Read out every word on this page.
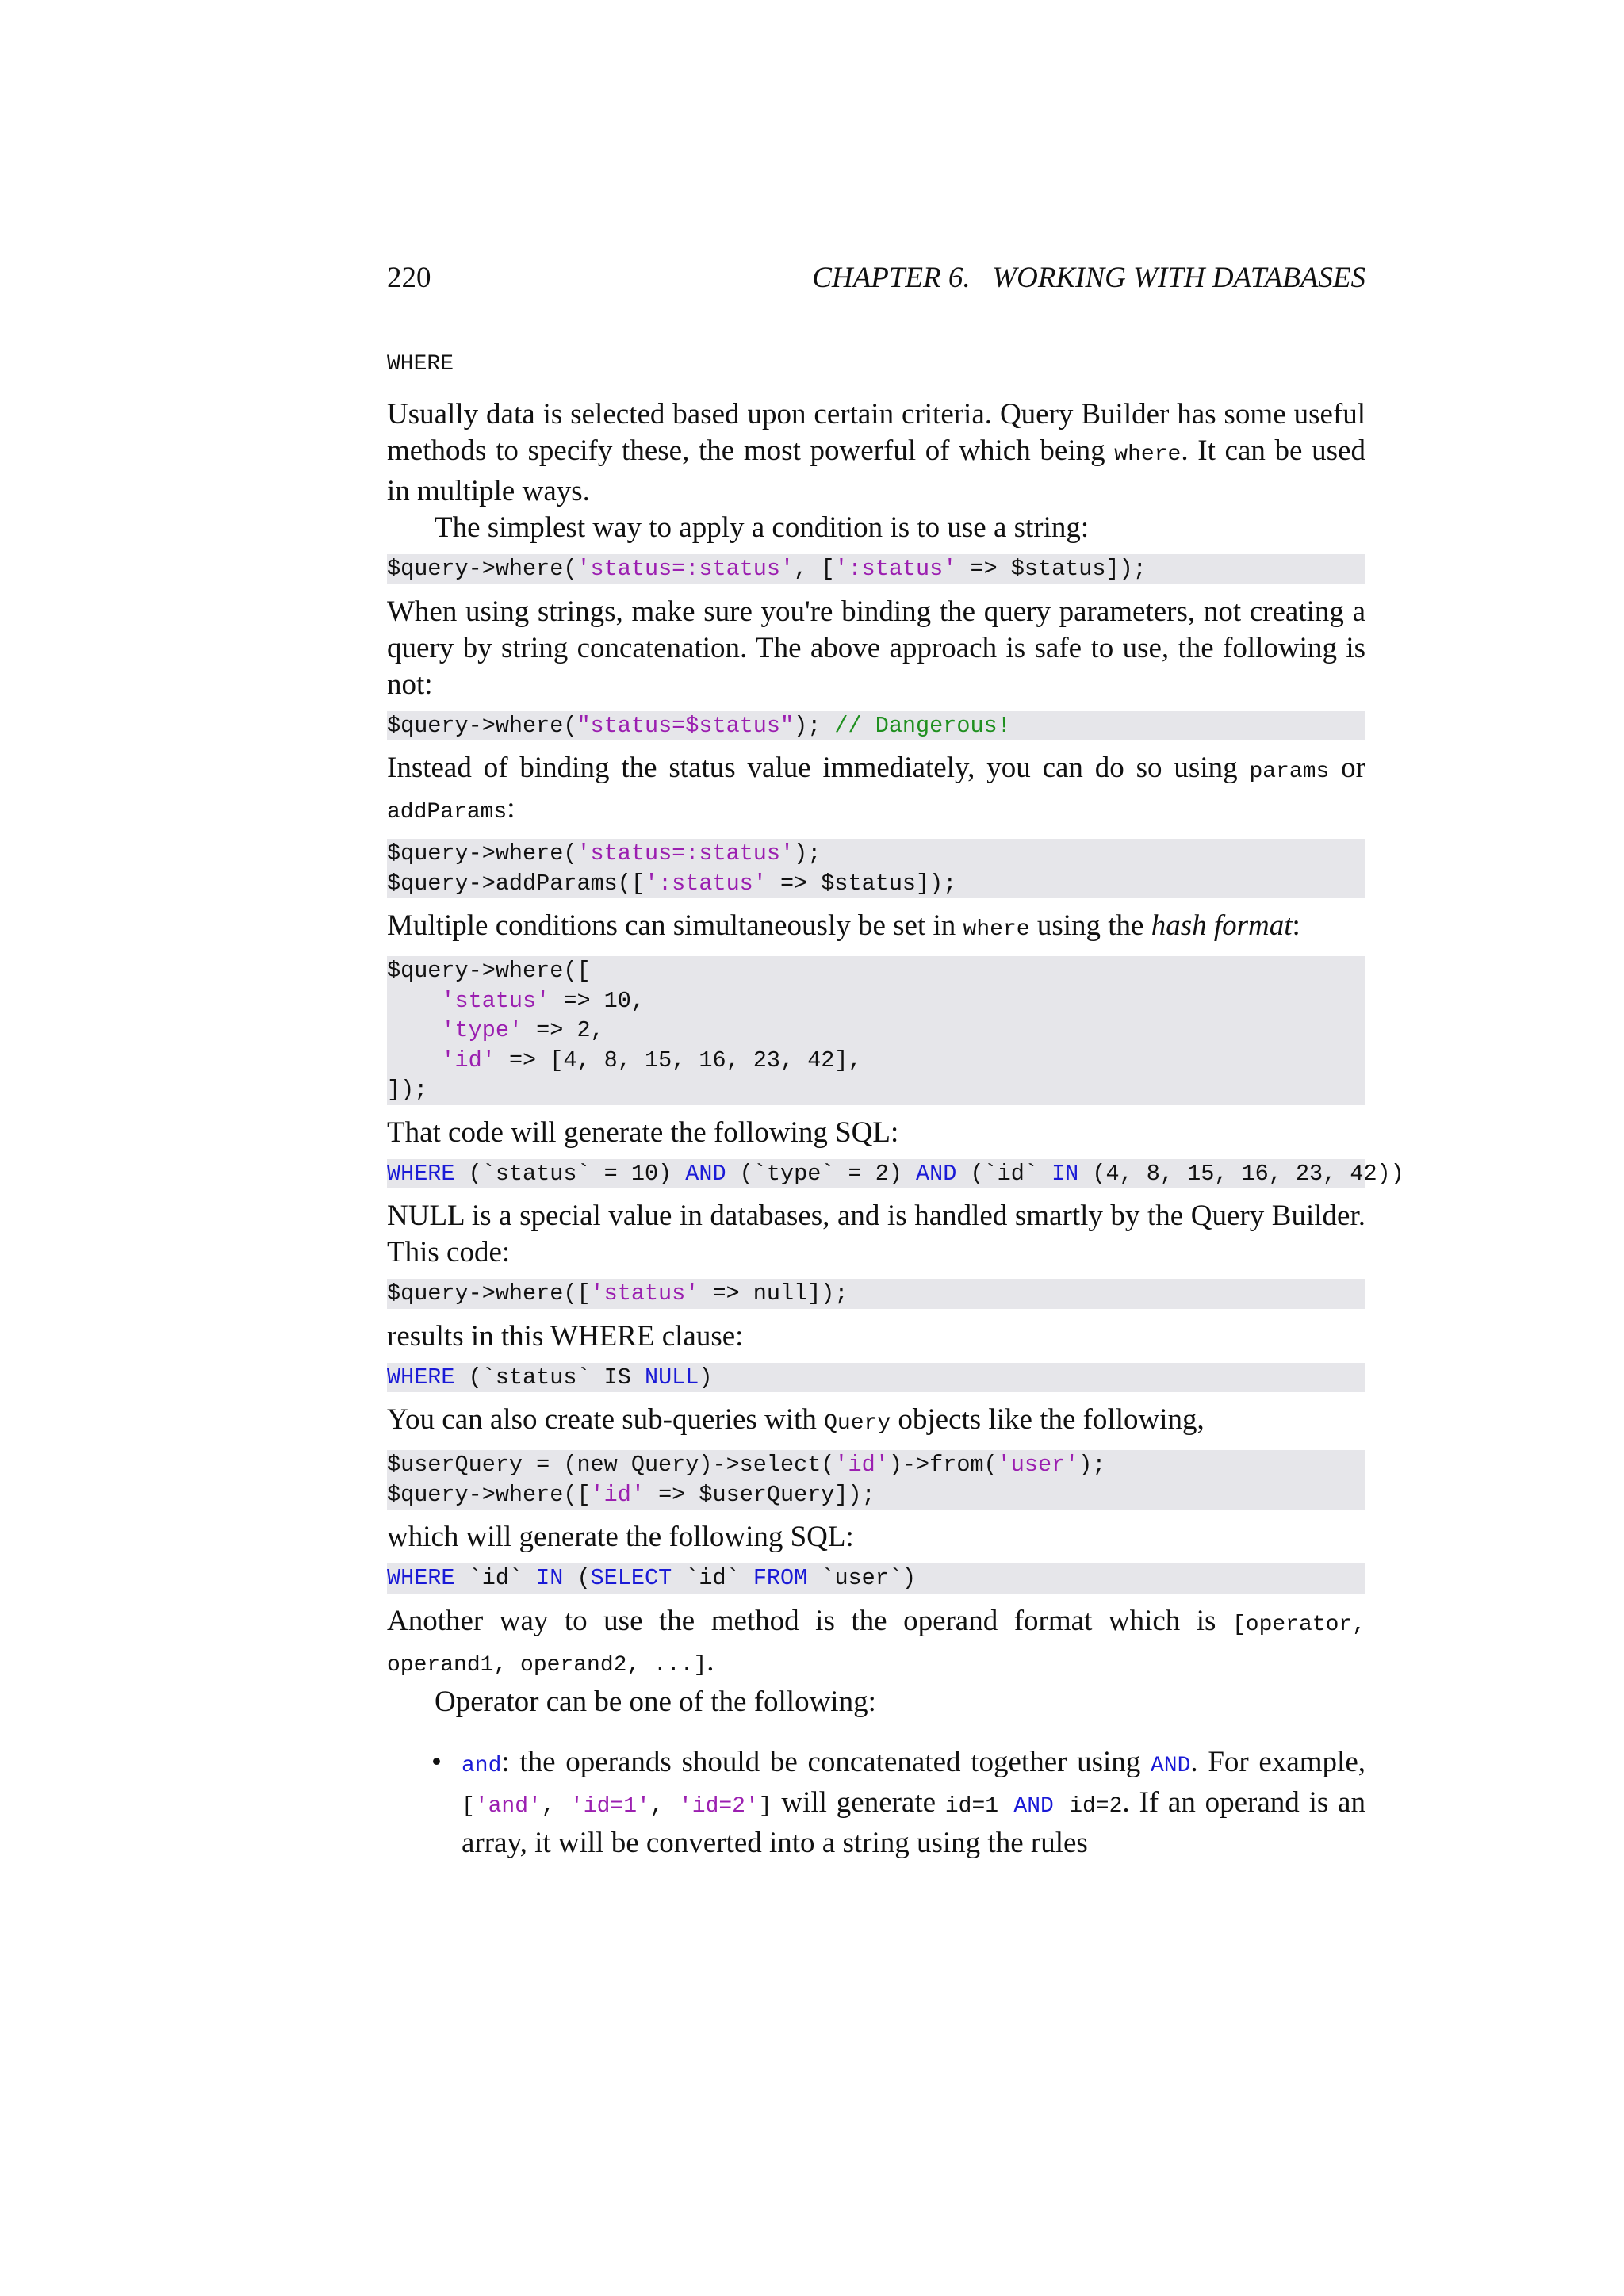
220	CHAPTER 6.   WORKING WITH DATABASES
WHERE

Usually data is selected based upon certain criteria. Query Builder has some useful methods to specify these, the most powerful of which being where. It can be used in multiple ways.

The simplest way to apply a condition is to use a string:

$query->where('status=:status', [':status' => $status]);

When using strings, make sure you're binding the query parameters, not creating a query by string concatenation. The above approach is safe to use, the following is not:

$query->where("status=$status"); // Dangerous!

Instead of binding the status value immediately, you can do so using params or addParams:

$query->where('status=:status');
$query->addParams([':status' => $status]);

Multiple conditions can simultaneously be set in where using the hash format:

$query->where([
'status' => 10,
'type' => 2,
'id' => [4, 8, 15, 16, 23, 42],
]);

That code will generate the following SQL:

WHERE (`status` = 10) AND (`type` = 2) AND (`id` IN (4, 8, 15, 16, 23, 42))

NULL is a special value in databases, and is handled smartly by the Query Builder. This code:

$query->where(['status' => null]);

results in this WHERE clause:

WHERE (`status` IS NULL)

You can also create sub-queries with Query objects like the following,

$userQuery = (new Query)->select('id')->from('user');
$query->where(['id' => $userQuery]);

which will generate the following SQL:

WHERE `id` IN (SELECT `id` FROM `user`)

Another way to use the method is the operand format which is [operator, operand1, operand2, ...].

Operator can be one of the following:

• and: the operands should be concatenated together using AND. For example, ['and', 'id=1', 'id=2'] will generate id=1 AND id=2. If an operand is an array, it will be converted into a string using the rules
